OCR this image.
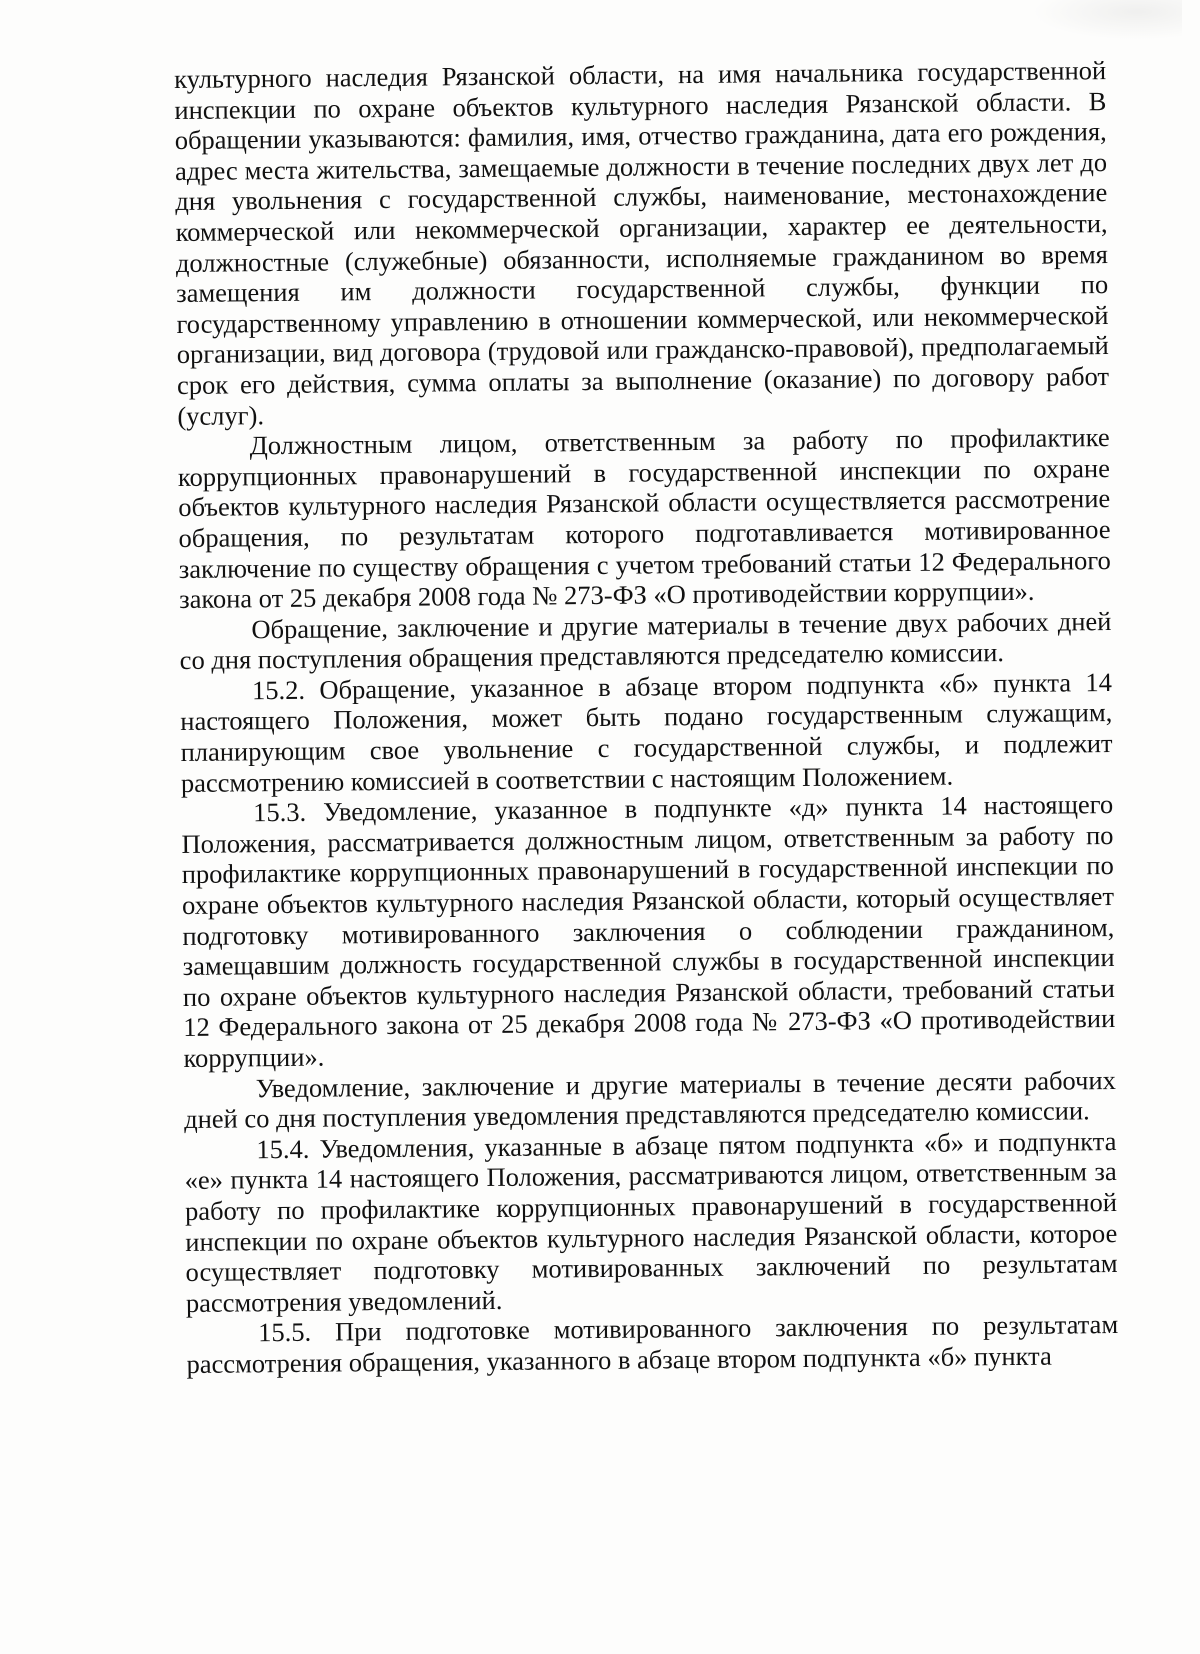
культурного наследия Рязанской области, на имя начальника государственной инспекции по охране объектов культурного наследия Рязанской области. В обращении указываются: фамилия, имя, отчество гражданина, дата его рождения, адрес места жительства, замещаемые должности в течение последних двух лет до дня увольнения с государственной службы, наименование, местонахождение коммерческой или некоммерческой организации, характер ее деятельности, должностные (служебные) обязанности, исполняемые гражданином во время замещения им должности государственной службы, функции по государственному управлению в отношении коммерческой, или некоммерческой организации, вид договора (трудовой или гражданско-правовой), предполагаемый срок его действия, сумма оплаты за выполнение (оказание) по договору работ (услуг).

Должностным лицом, ответственным за работу по профилактике коррупционных правонарушений в государственной инспекции по охране объектов культурного наследия Рязанской области осуществляется рассмотрение обращения, по результатам которого подготавливается мотивированное заключение по существу обращения с учетом требований статьи 12 Федерального закона от 25 декабря 2008 года № 273-ФЗ «О противодействии коррупции».

Обращение, заключение и другие материалы в течение двух рабочих дней со дня поступления обращения представляются председателю комиссии.

15.2. Обращение, указанное в абзаце втором подпункта «б» пункта 14 настоящего Положения, может быть подано государственным служащим, планирующим свое увольнение с государственной службы, и подлежит рассмотрению комиссией в соответствии с настоящим Положением.

15.3. Уведомление, указанное в подпункте «д» пункта 14 настоящего Положения, рассматривается должностным лицом, ответственным за работу по профилактике коррупционных правонарушений в государственной инспекции по охране объектов культурного наследия Рязанской области, который осуществляет подготовку мотивированного заключения о соблюдении гражданином, замещавшим должность государственной службы в государственной инспекции по охране объектов культурного наследия Рязанской области, требований статьи 12 Федерального закона от 25 декабря 2008 года № 273-ФЗ «О противодействии коррупции».

Уведомление, заключение и другие материалы в течение десяти рабочих дней со дня поступления уведомления представляются председателю комиссии.

15.4. Уведомления, указанные в абзаце пятом подпункта «б» и подпункта «е» пункта 14 настоящего Положения, рассматриваются лицом, ответственным за работу по профилактике коррупционных правонарушений в государственной инспекции по охране объектов культурного наследия Рязанской области, которое осуществляет подготовку мотивированных заключений по результатам рассмотрения уведомлений.

15.5. При подготовке мотивированного заключения по результатам рассмотрения обращения, указанного в абзаце втором подпункта «б» пункта
